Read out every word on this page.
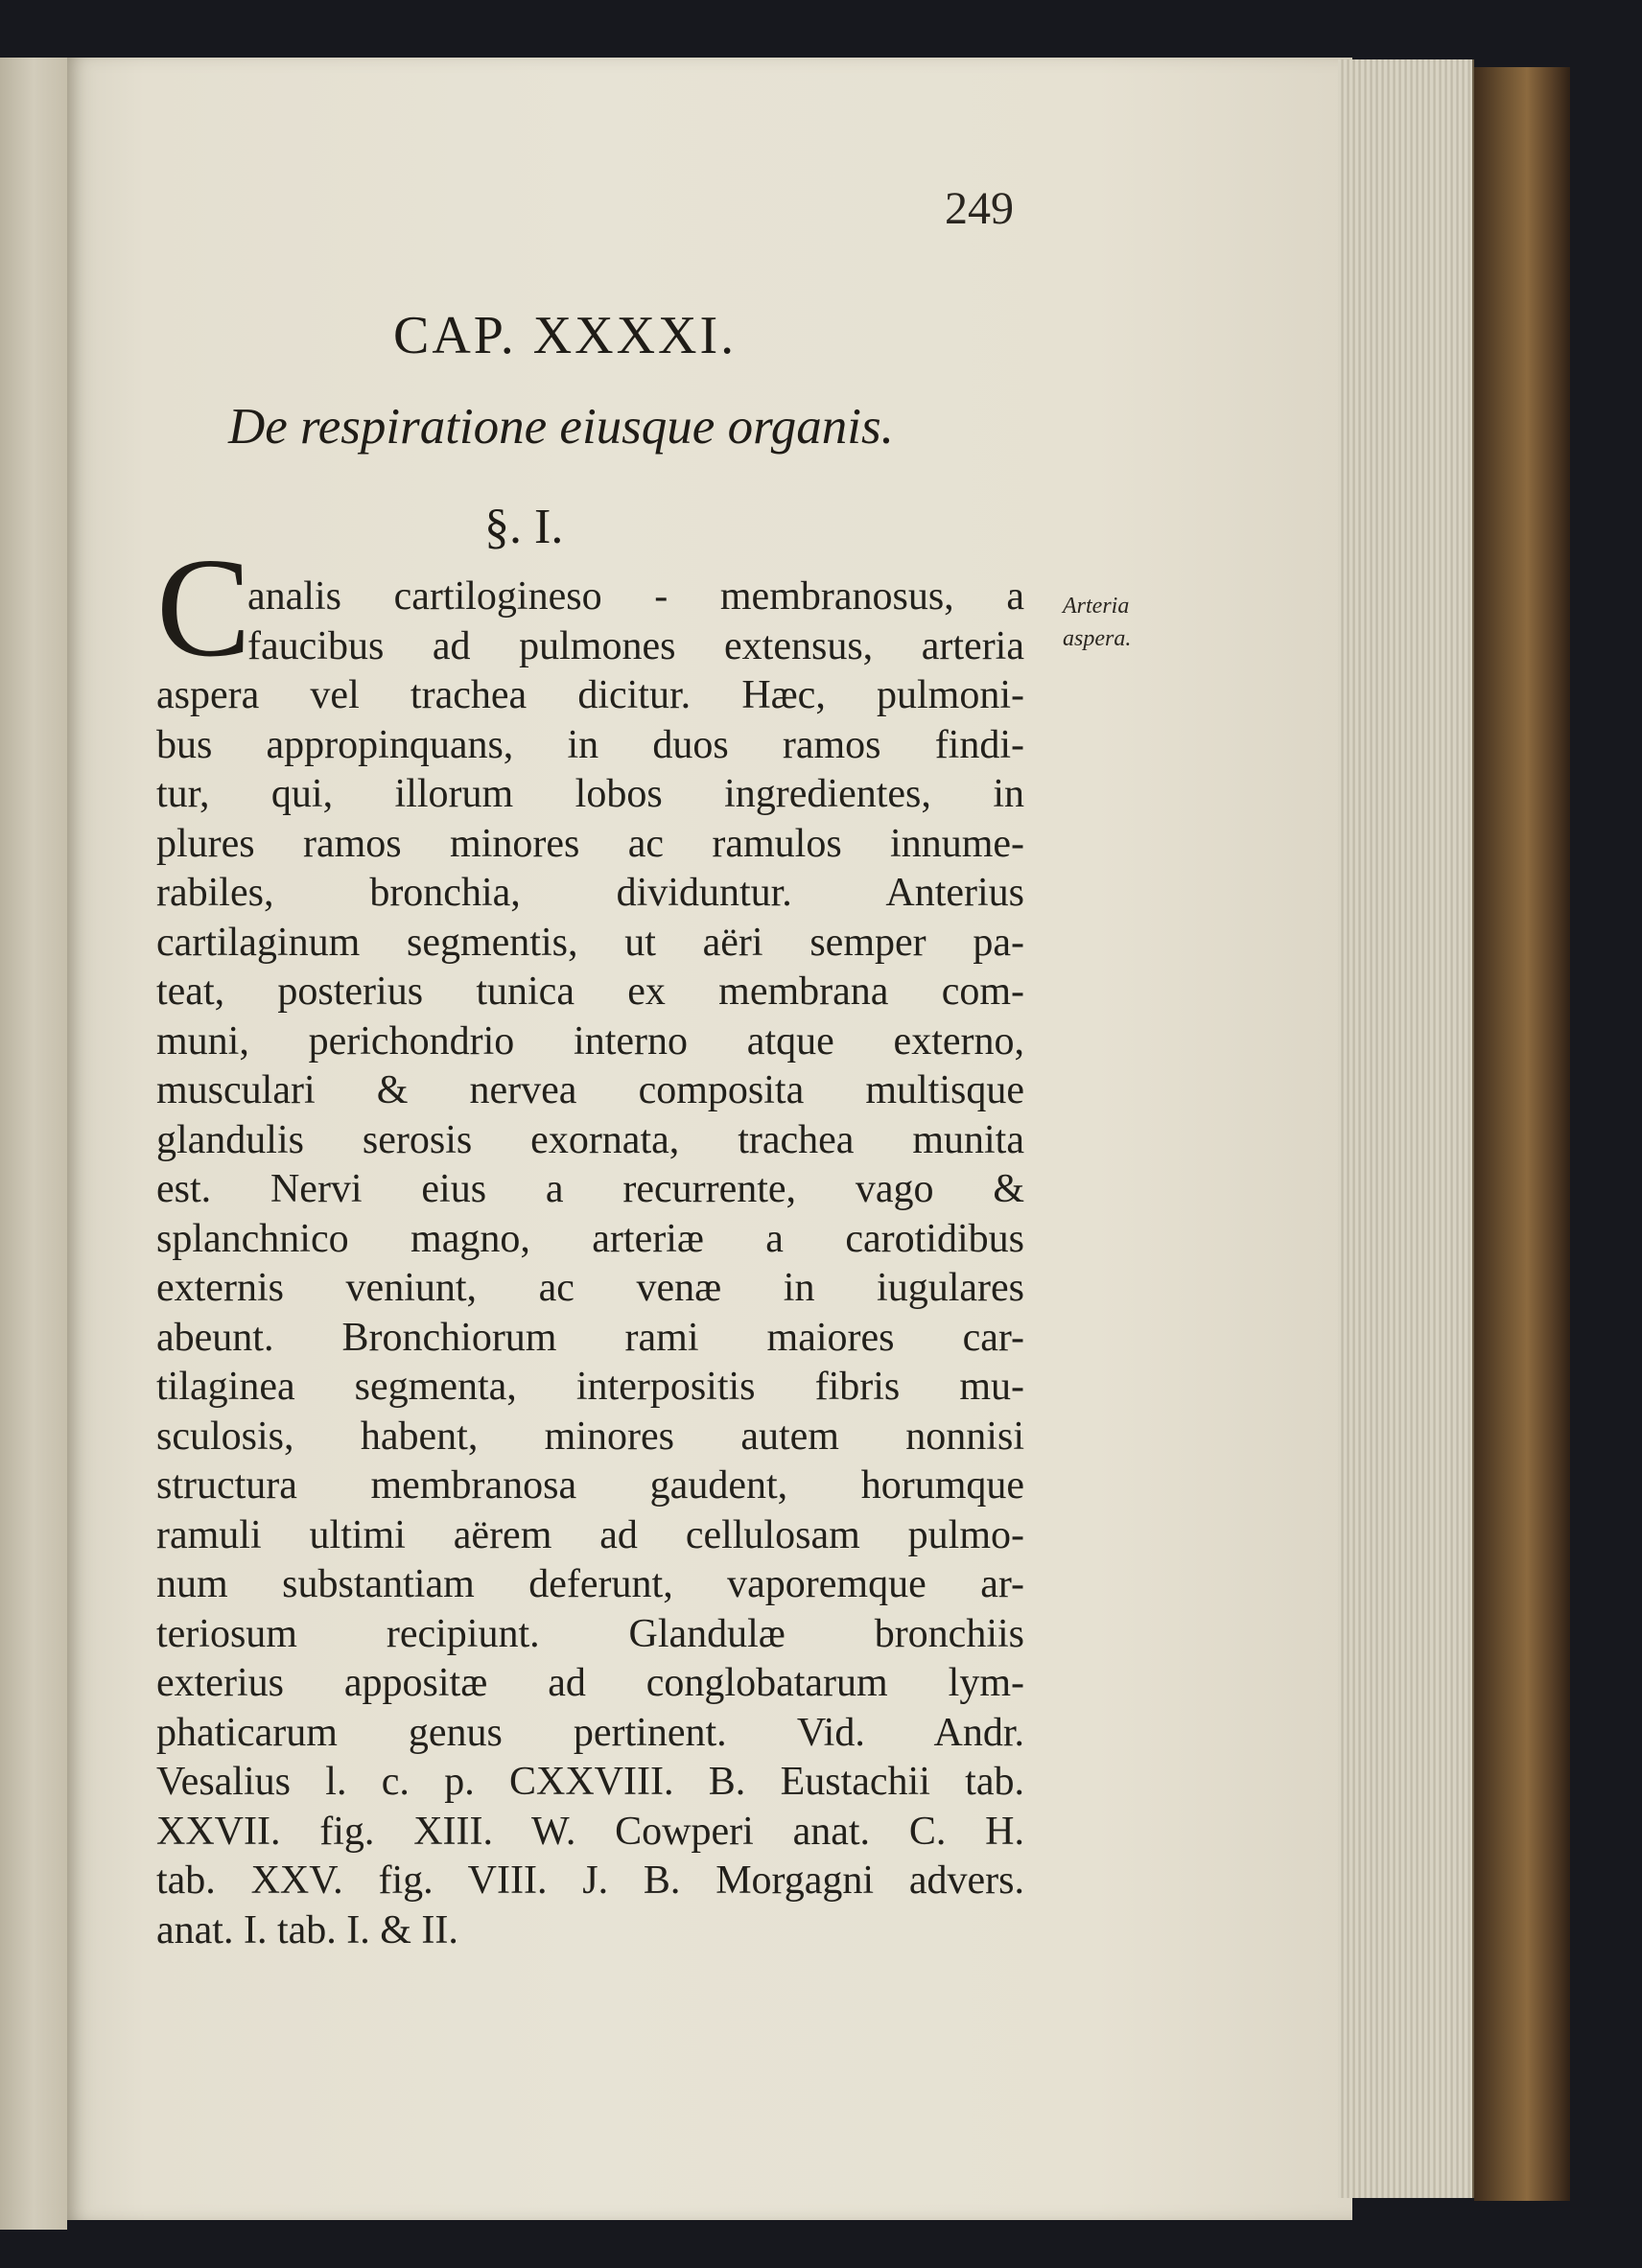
249
CAP. XXXXI.
De respiratione eiusque organis.
§. I.
C	Arteria
aspera.
analis cartilogineso - membranosus, a
faucibus ad pulmones extensus, arteria
aspera vel trachea dicitur. Hæc, pulmoni-
bus appropinquans, in duos ramos findi-
tur, qui, illorum lobos ingredientes, in
plures ramos minores ac ramulos innume-
rabiles, bronchia, dividuntur. Anterius
cartilaginum segmentis, ut aëri semper pa-
teat, posterius tunica ex membrana com-
muni, perichondrio interno atque externo,
musculari & nervea composita multisque
glandulis serosis exornata, trachea munita
est. Nervi eius a recurrente, vago &
splanchnico magno, arteriæ a carotidibus
externis veniunt, ac venæ in iugulares
abeunt. Bronchiorum rami maiores car-
tilaginea segmenta, interpositis fibris mu-
sculosis, habent, minores autem nonnisi
structura membranosa gaudent, horumque
ramuli ultimi aërem ad cellulosam pulmo-
num substantiam deferunt, vaporemque ar-
teriosum recipiunt. Glandulæ bronchiis
exterius appositæ ad conglobatarum lym-
phaticarum genus pertinent. Vid. Andr.
Vesalius l. c. p. CXXVIII. B. Eustachii tab.
XXVII. fig. XIII. W. Cowperi anat. C. H.
tab. XXV. fig. VIII. J. B. Morgagni advers.
anat. I. tab. I. & II.
